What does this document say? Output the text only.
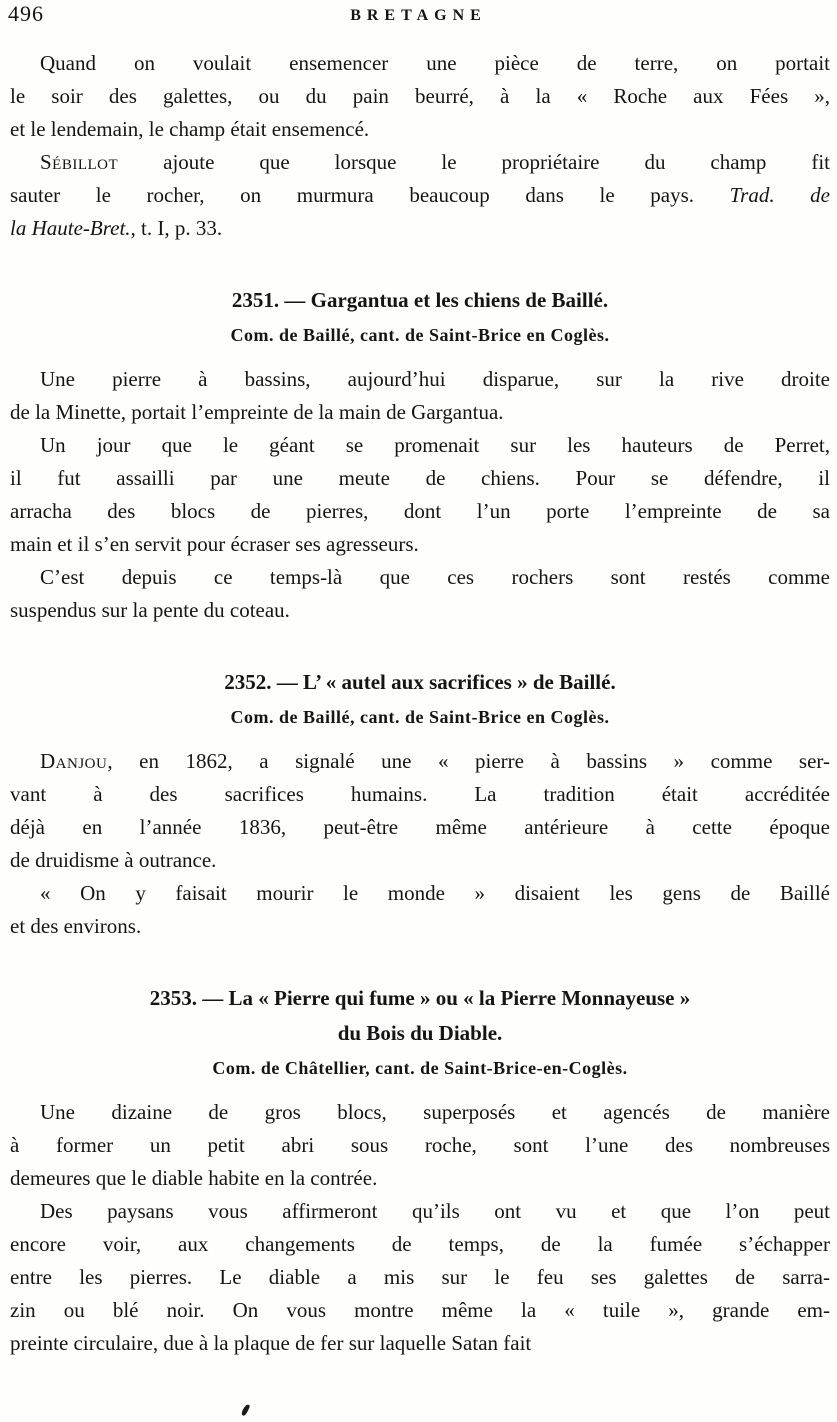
496	BRETAGNE
Quand on voulait ensemencer une pièce de terre, on portait
le soir des galettes, ou du pain beurré, à la « Roche aux Fées »,
et le lendemain, le champ était ensemencé.
Sébillot ajoute que lorsque le propriétaire du champ fit
sauter le rocher, on murmura beaucoup dans le pays. Trad. de
la Haute-Bret., t. I, p. 33.
2351. — Gargantua et les chiens de Baillé.
Com. de Baillé, cant. de Saint-Brice en Coglès.
Une pierre à bassins, aujourd’hui disparue, sur la rive droite
de la Minette, portait l’empreinte de la main de Gargantua.
Un jour que le géant se promenait sur les hauteurs de Perret,
il fut assailli par une meute de chiens. Pour se défendre, il
arracha des blocs de pierres, dont l’un porte l’empreinte de sa
main et il s’en servit pour écraser ses agresseurs.
C’est depuis ce temps-là que ces rochers sont restés comme
suspendus sur la pente du coteau.
2352. — L’ « autel aux sacrifices » de Baillé.
Com. de Baillé, cant. de Saint-Brice en Coglès.
Danjou, en 1862, a signalé une « pierre à bassins » comme ser-
vant à des sacrifices humains. La tradition était accréditée
déjà en l’année 1836, peut-être même antérieure à cette époque
de druidisme à outrance.
« On y faisait mourir le monde » disaient les gens de Baillé
et des environs.
2353. — La « Pierre qui fume » ou « la Pierre Monnayeuse »
du Bois du Diable.
Com. de Châtellier, cant. de Saint-Brice-en-Coglès.
Une dizaine de gros blocs, superposés et agencés de manière
à former un petit abri sous roche, sont l’une des nombreuses
demeures que le diable habite en la contrée.
Des paysans vous affirmeront qu’ils ont vu et que l’on peut
encore voir, aux changements de temps, de la fumée s’échapper
entre les pierres. Le diable a mis sur le feu ses galettes de sarra-
zin ou blé noir. On vous montre même la « tuile », grande em-
preinte circulaire, due à la plaque de fer sur laquelle Satan fait
